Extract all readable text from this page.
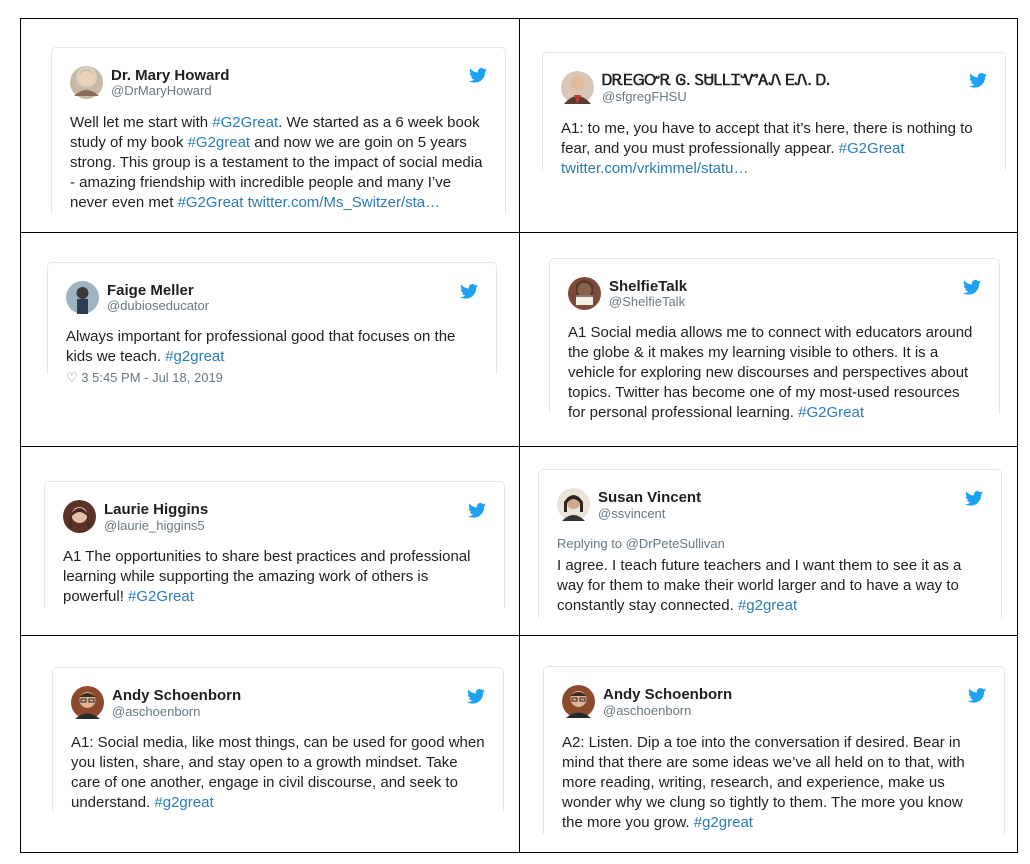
Dr. Mary Howard
@DrMaryHoward
Well let me start with #G2Great. We started as a 6 week book study of my book #G2great and now we are goin on 5 years strong. This group is a testament to the impact of social media - amazing friendship with incredible people and many I’ve never even met #G2Great twitter.com/Ms_Switzer/sta…
ᎠᎡᎬᏀᏅᎡ Ꮆ. ᏚᏌᏞᏞᏆᏉᎪᏁ ᎬᏁ. Ꭰ.
@sfgregFHSU
A1: to me, you have to accept that it’s here, there is nothing to fear, and you must professionally appear. #G2Great
twitter.com/vrkimmel/statu…
Faige Meller
@dubioseducator
Always important for professional good that focuses on the kids we teach. #g2great
♡ 3 5:45 PM - Jul 18, 2019
ShelfieTalk
@ShelfieTalk
A1 Social media allows me to connect with educators around the globe & it makes my learning visible to others. It is a vehicle for exploring new discourses and perspectives about topics. Twitter has become one of my most-used resources for personal professional learning. #G2Great
Laurie Higgins
@laurie_higgins5
A1 The opportunities to share best practices and professional learning while supporting the amazing work of others is powerful! #G2Great
Susan Vincent
@ssvincent
Replying to @DrPeteSullivan
I agree. I teach future teachers and I want them to see it as a way for them to make their world larger and to have a way to constantly stay connected. #g2great
Andy Schoenborn
@aschoenborn
A1: Social media, like most things, can be used for good when you listen, share, and stay open to a growth mindset. Take care of one another, engage in civil discourse, and seek to understand. #g2great
Andy Schoenborn
@aschoenborn
A2: Listen. Dip a toe into the conversation if desired. Bear in mind that there are some ideas we’ve all held on to that, with more reading, writing, research, and experience, make us wonder why we clung so tightly to them. The more you know the more you grow. #g2great
